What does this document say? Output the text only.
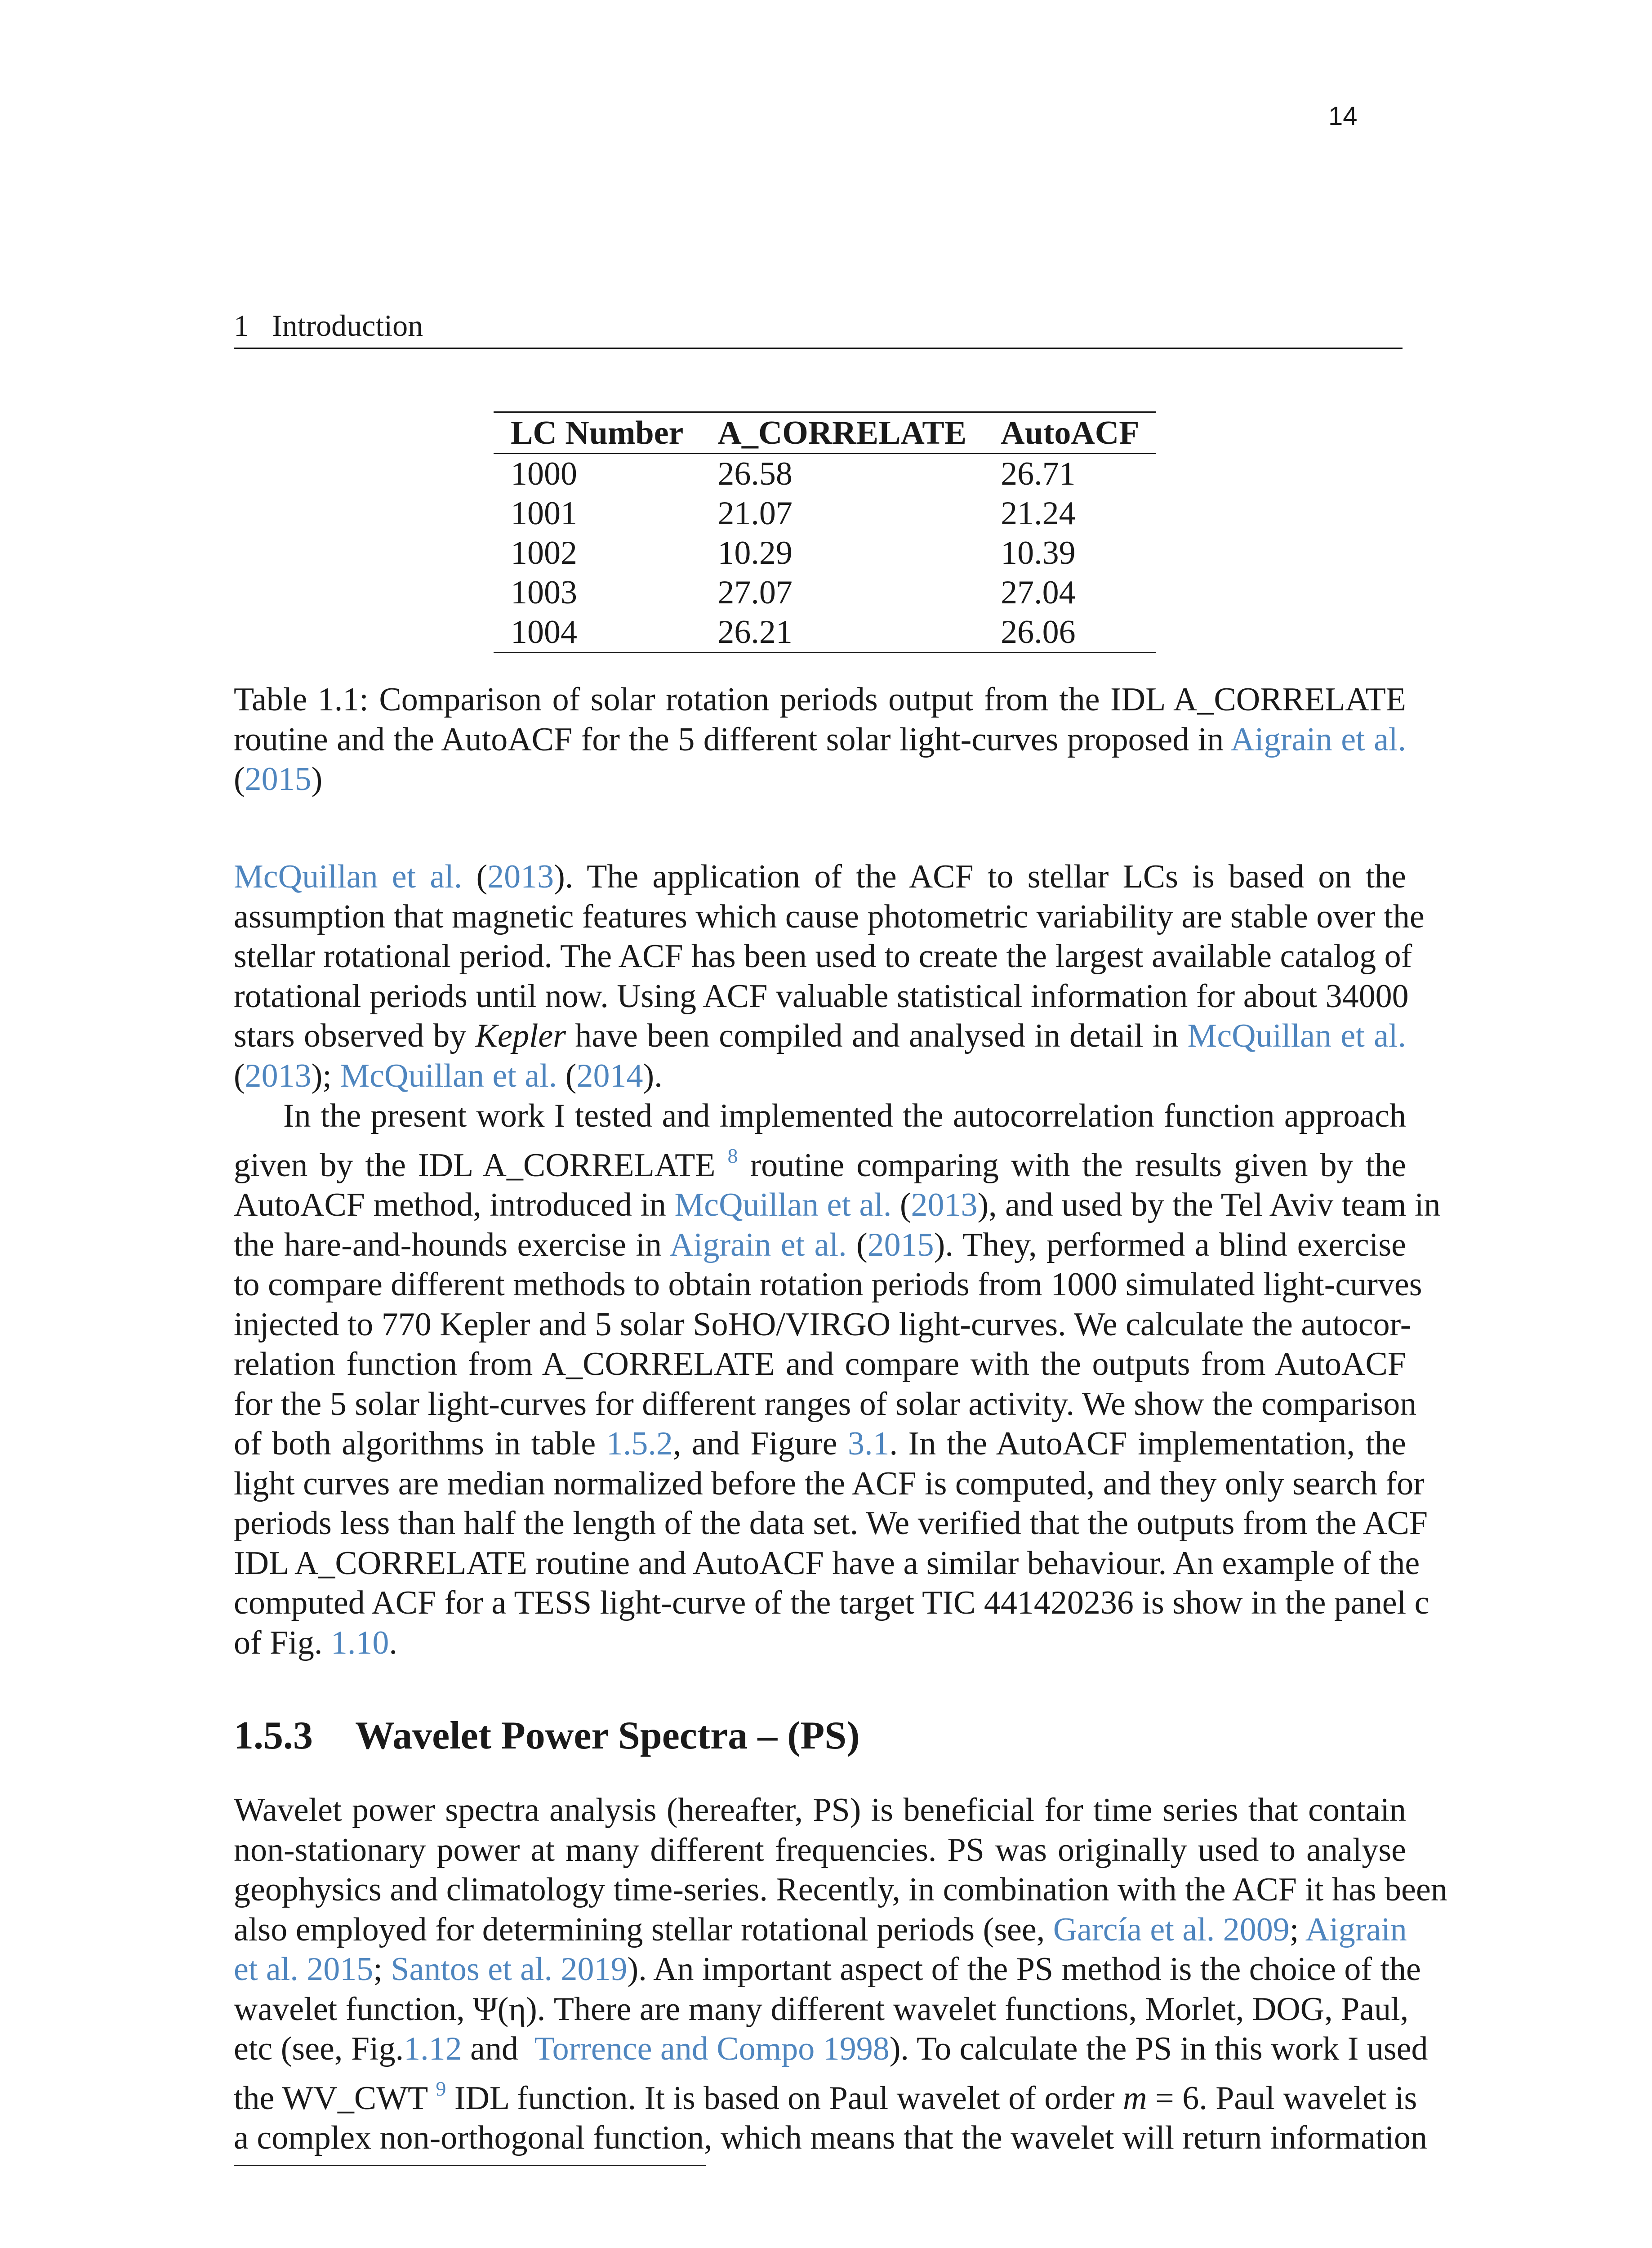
14
1   Introduction
LC Number	A_CORRELATE	AutoACF
1000	26.58	26.71
1001	21.07	21.24
1002	10.29	10.39
1003	27.07	27.04
1004	26.21	26.06
Table 1.1: Comparison of solar rotation periods output from the IDL A_CORRELATE
routine and the AutoACF for the 5 different solar light-curves proposed in Aigrain et al.
(2015)
McQuillan et al. (2013). The application of the ACF to stellar LCs is based on the
assumption that magnetic features which cause photometric variability are stable over the
stellar rotational period. The ACF has been used to create the largest available catalog of
rotational periods until now. Using ACF valuable statistical information for about 34000
stars observed by Kepler have been compiled and analysed in detail in McQuillan et al.
(2013); McQuillan et al. (2014).
In the present work I tested and implemented the autocorrelation function approach
given by the IDL A_CORRELATE $^8$ routine comparing with the results given by the
AutoACF method, introduced in McQuillan et al. (2013), and used by the Tel Aviv team in
the hare-and-hounds exercise in Aigrain et al. (2015). They, performed a blind exercise
to compare different methods to obtain rotation periods from 1000 simulated light-curves
injected to 770 Kepler and 5 solar SoHO/VIRGO light-curves. We calculate the autocor-
relation function from A_CORRELATE and compare with the outputs from AutoACF
for the 5 solar light-curves for different ranges of solar activity. We show the comparison
of both algorithms in table 1.5.2, and Figure 3.1. In the AutoACF implementation, the
light curves are median normalized before the ACF is computed, and they only search for
periods less than half the length of the data set. We verified that the outputs from the ACF
IDL A_CORRELATE routine and AutoACF have a similar behaviour. An example of the
computed ACF for a TESS light-curve of the target TIC 441420236 is show in the panel c
of Fig. 1.10.
1.5.3 Wavelet Power Spectra – (PS)
Wavelet power spectra analysis (hereafter, PS) is beneficial for time series that contain
non-stationary power at many different frequencies. PS was originally used to analyse
geophysics and climatology time-series. Recently, in combination with the ACF it has been
also employed for determining stellar rotational periods (see, García et al. 2009; Aigrain
et al. 2015; Santos et al. 2019). An important aspect of the PS method is the choice of the
wavelet function, Ψ(η). There are many different wavelet functions, Morlet, DOG, Paul,
etc (see, Fig.1.12 and  Torrence and Compo 1998). To calculate the PS in this work I used
the WV_CWT $^9$ IDL function. It is based on Paul wavelet of order m = 6. Paul wavelet is
a complex non-orthogonal function, which means that the wavelet will return information
